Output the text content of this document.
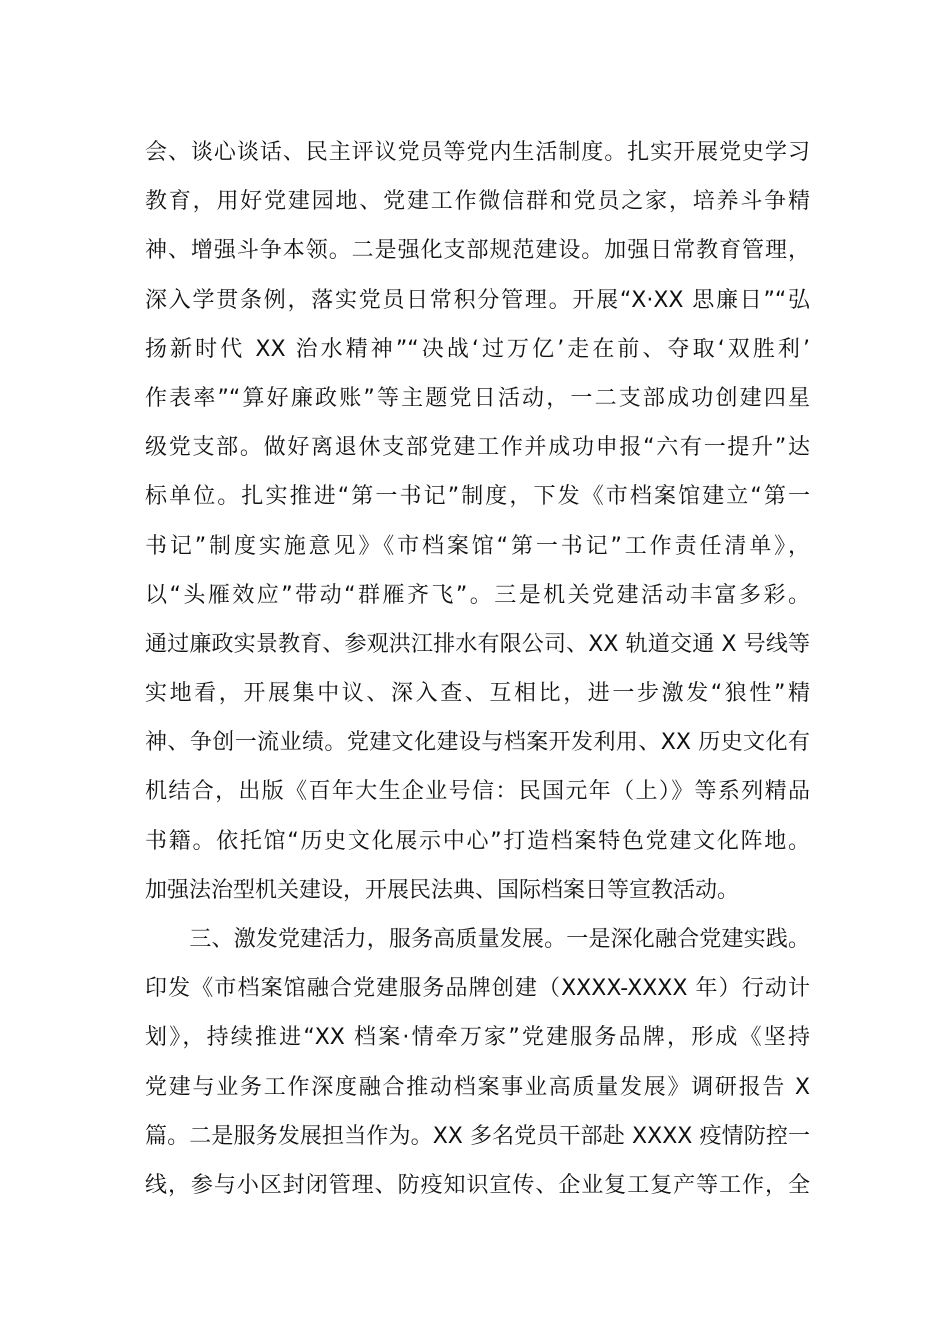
会、谈心谈话、民主评议党员等党内生活制度。扎实开展党史学习
教育，用好党建园地、党建工作微信群和党员之家，培养斗争精
神、增强斗争本领。二是强化支部规范建设。加强日常教育管理，
深入学贯条例，落实党员日常积分管理。开展“X·XX 思廉日”“弘
扬新时代 XX 治水精神”“决战‘过万亿’走在前、夺取‘双胜利’
作表率”“算好廉政账”等主题党日活动，一二支部成功创建四星
级党支部。做好离退休支部党建工作并成功申报“六有一提升”达
标单位。扎实推进“第一书记”制度，下发《市档案馆建立“第一
书记”制度实施意见》《市档案馆“第一书记”工作责任清单》，
以“头雁效应”带动“群雁齐飞”。三是机关党建活动丰富多彩。
通过廉政实景教育、参观洪江排水有限公司、XX 轨道交通 X 号线等
实地看，开展集中议、深入查、互相比，进一步激发“狼性”精
神、争创一流业绩。党建文化建设与档案开发利用、XX 历史文化有
机结合，出版《百年大生企业号信：民国元年（上）》等系列精品
书籍。依托馆“历史文化展示中心”打造档案特色党建文化阵地。
加强法治型机关建设，开展民法典、国际档案日等宣教活动。
　　三、激发党建活力，服务高质量发展。一是深化融合党建实践。
印发《市档案馆融合党建服务品牌创建（XXXX-XXXX 年）行动计
划》，持续推进“XX 档案·情牵万家”党建服务品牌，形成《坚持
党建与业务工作深度融合推动档案事业高质量发展》调研报告 X
篇。二是服务发展担当作为。XX 多名党员干部赴 XXXX 疫情防控一
线，参与小区封闭管理、防疫知识宣传、企业复工复产等工作，全
